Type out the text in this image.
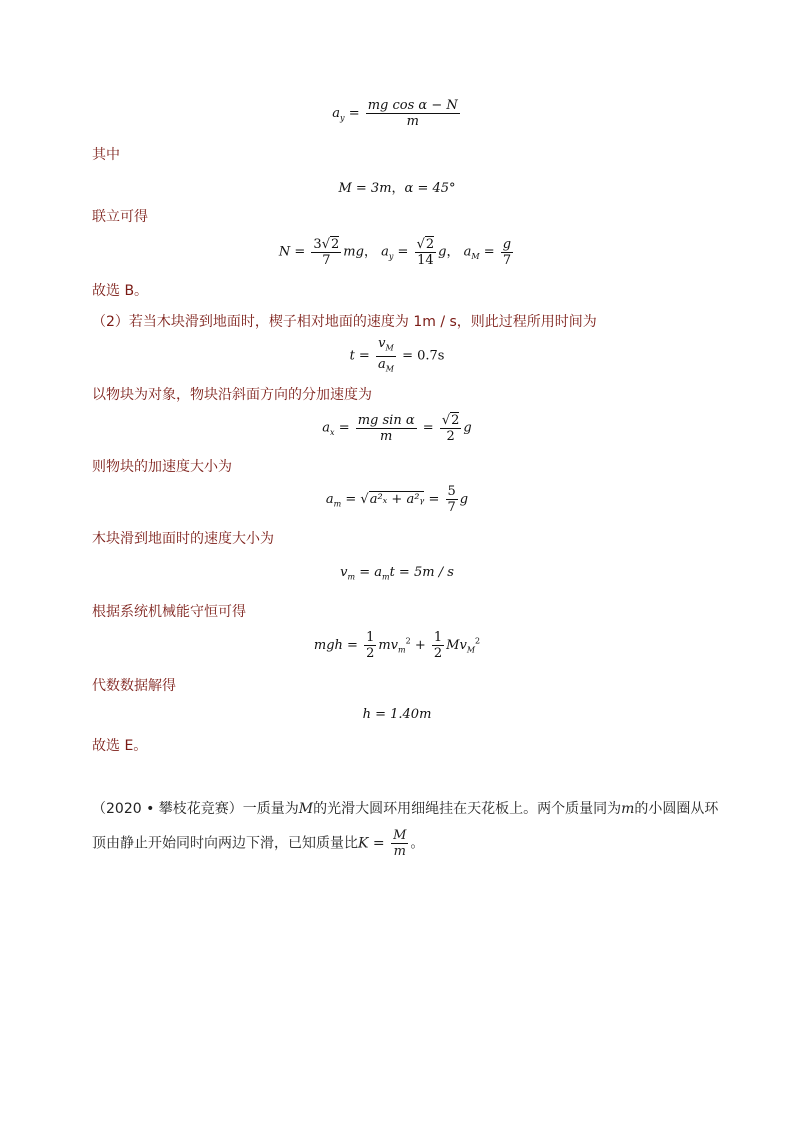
$a_y = \frac{\text{mg cos α − N}}{m}$
其中
M = 3m，α = 45°
联立可得
$N = \frac{3√2}{7}$ mg， $a_y = \frac{√2}{14}$ g， $a_M = \frac{g}{7}$
故选 B。
（2）若当木块滑到地面时，楔子相对地面的速度为 1m / s，则此过程所用时间为
$t = \frac{v_M}{a_M} = 0.7s$
以物块为对象，物块沿斜面方向的分加速度为
$a_x = \frac{\text{mg sin α}}{m} = \frac{√2}{2}$ g
则物块的加速度大小为
$a_m = √a^2_x$ + a²ᵧ = $\frac{5}{7}$ g
木块滑到地面时的速度大小为
$v_m = a_mt = 5m / s$
根据系统机械能守恒可得
mgh = $\frac{1}{2} mv_m^2 + \frac{1}{2} Mv_M^2$
代数数据解得
h = 1.40m
故选 E。
（2020 • 攀枝花竞赛）一质量为M的光滑大圆环用细绳挂在天花板上。两个质量同为m的小圆圈从环
顶由静止开始同时向两边下滑，已知质量比$K = \frac{M}{m}$ 。
